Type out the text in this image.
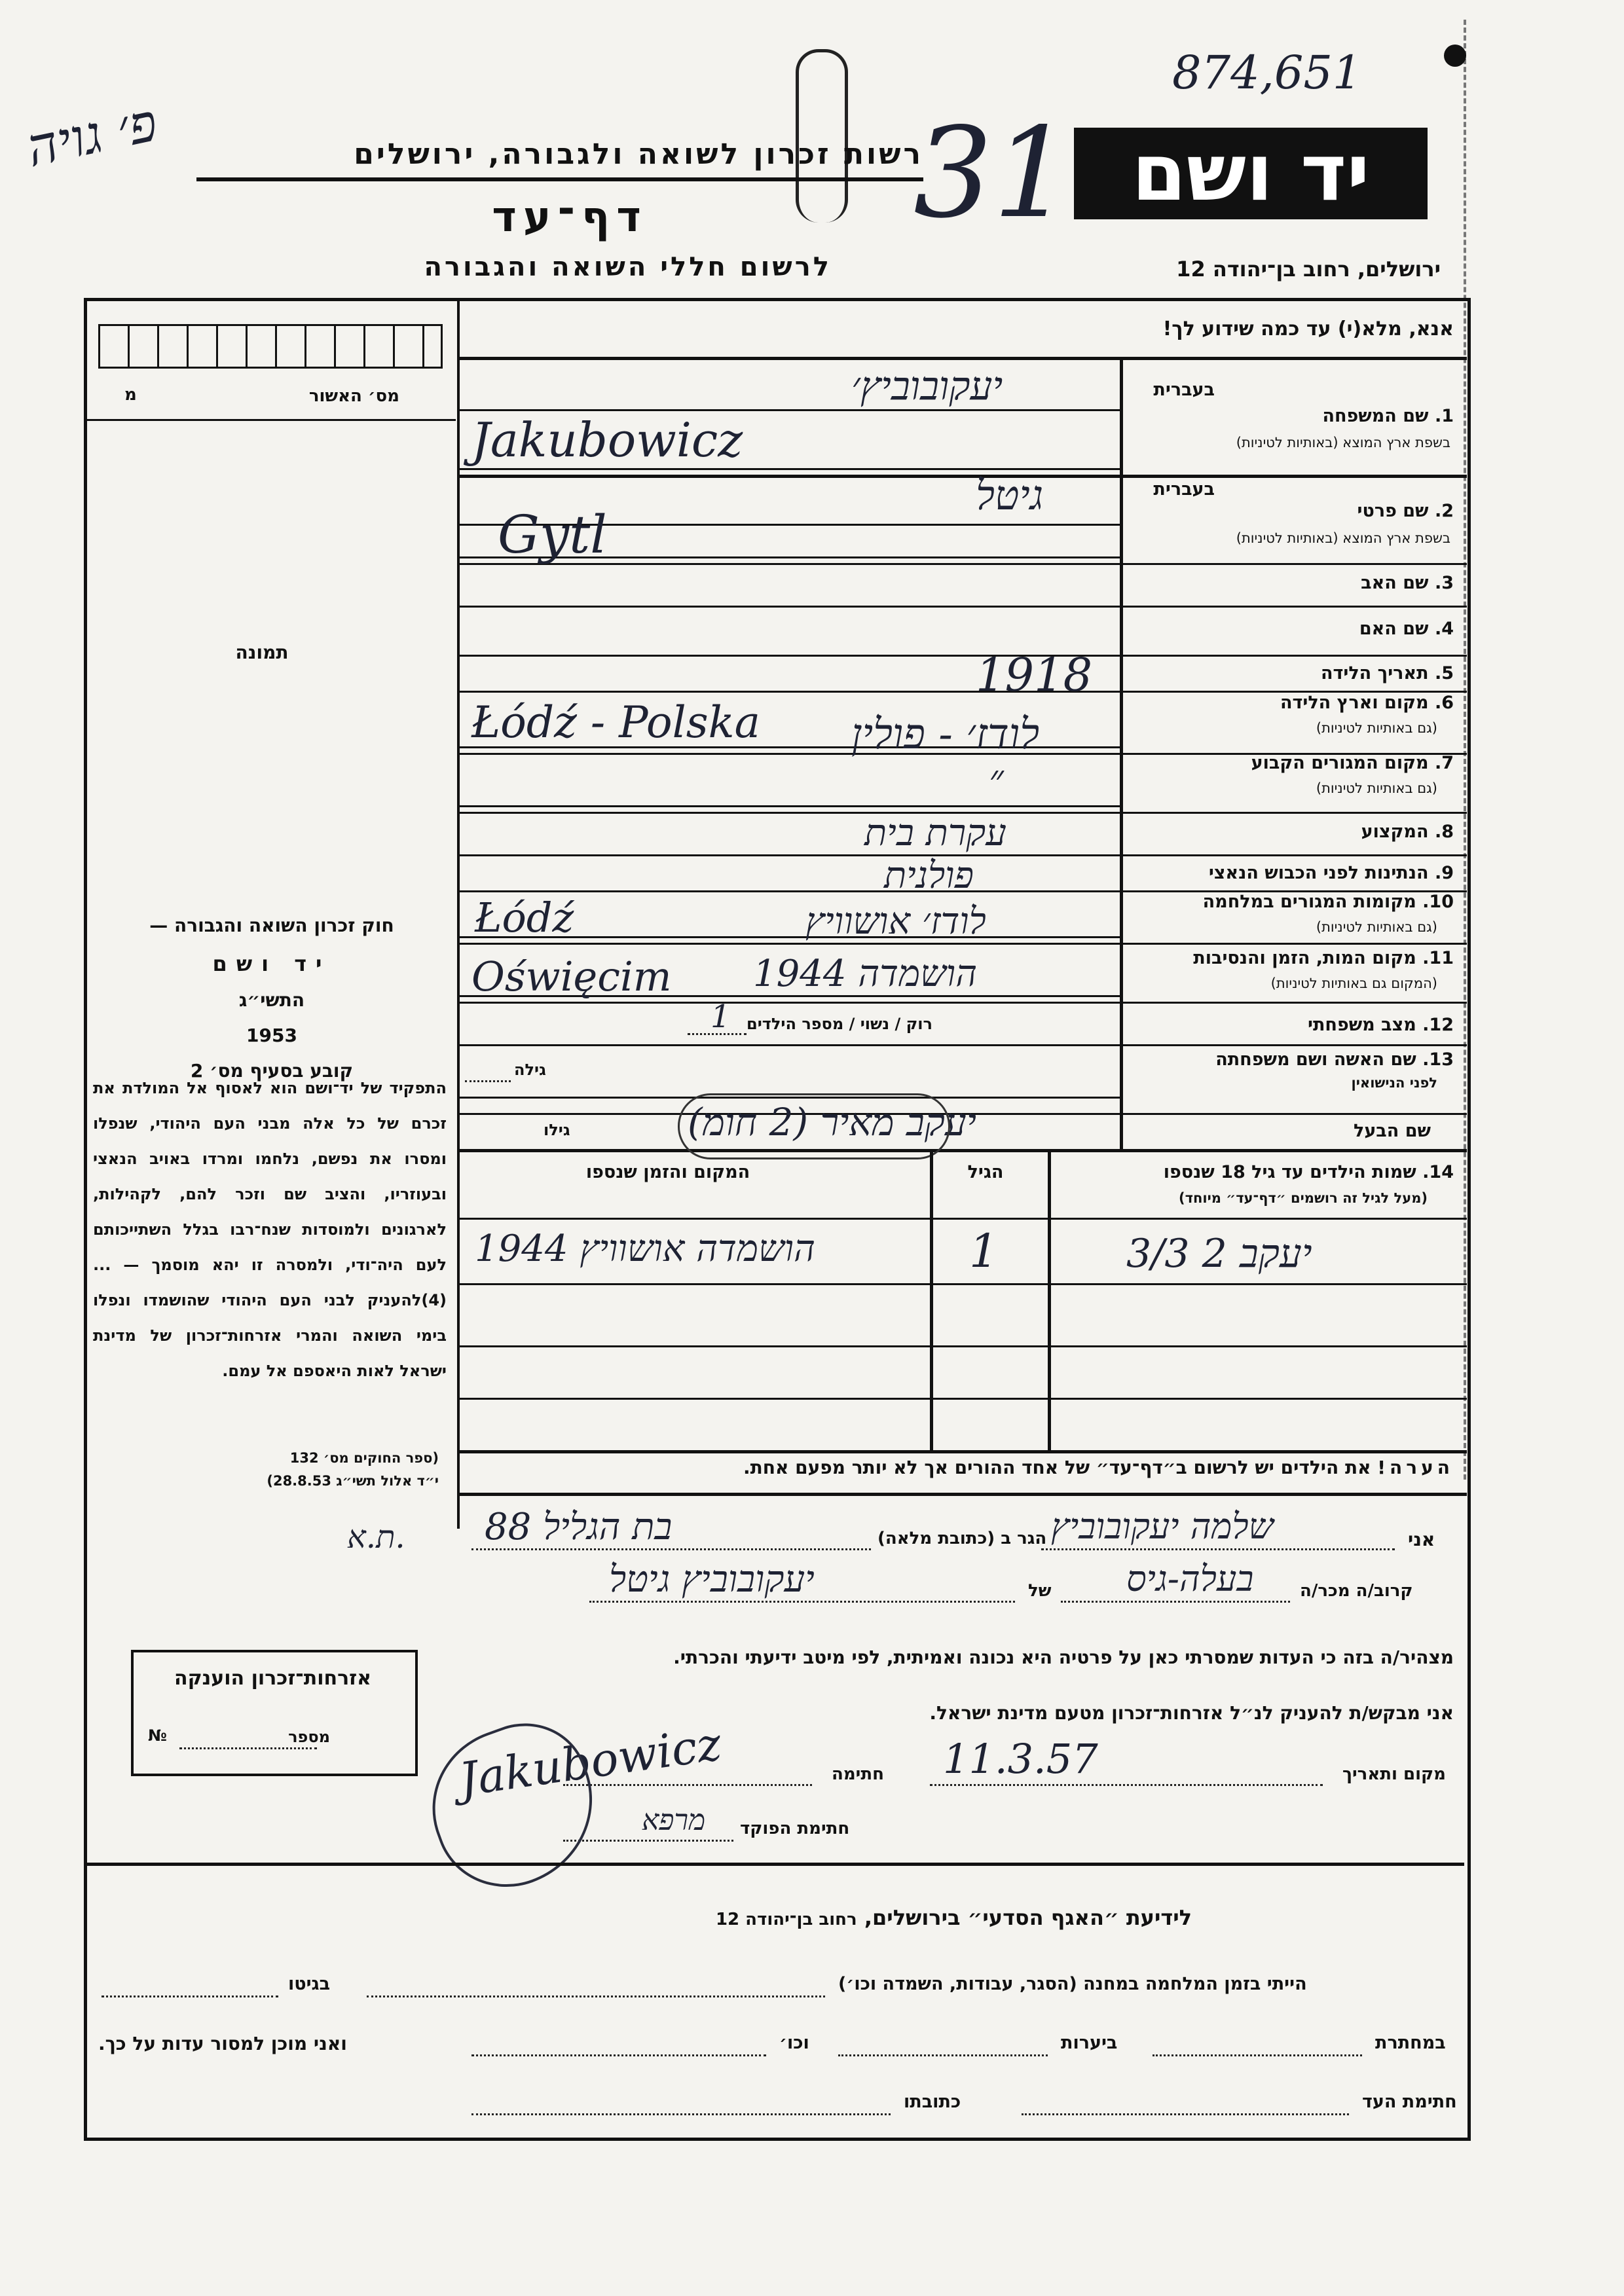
פ׳ גויה
874,651
31 יד ושם
רשות זכרון לשואה ולגבורה, ירושלים
דף־עד
לרשום חללי השואה והגבורה	ירושלים, רחוב בן־יהודה 12
מס׳ האשור
מ
תמונה
חוק זכרון השואה והגבורה —
יד ושם
התשי״ג
1953
קובע בסעיף מס׳ 2
התפקיד של יד־ושם הוא לאסוף אל המולדת את זכרם של כל אלה מבני העם היהודי, שנפלו ומסרו את נפשם, נלחמו ומרדו באויב הנאצי ובעוזריו, והציב שם וזכר להם, לקהילות, לארגונים ולמוסדות שנח־רבו בגלל השתייכותם לעם היה־ודי, ולמסרה זו יהא מוסמך — ...(4)להעניק לבני העם היהודי שהושמדו ונפלו בימי השואה והמרי אזרחות־זכרון של מדינת ישראל לאות היאספם אל עמם.
(ספר החוקים מס׳ 132
י״ד אלול תשי״ג 28.8.53)
אזרחות־זכרון הוענקה
מספר
№
אנא, מלא(י) עד כמה שידוע לך!
בעברית
1. שם המשפחה
בשפת ארץ המוצא (באותיות לטיניות)
בעברית
2. שם פרטי
בשפת ארץ המוצא (באותיות לטיניות)
3. שם האב
4. שם האם
5. תאריך הלידה
6. מקום וארץ הלידה
(גם באותיות לטיניות)
7. מקום המגורים הקבוע
(גם באותיות לטיניות)
8. המקצוע
9. הנתינות לפני הכבוש הנאצי
10. מקומות המגורים במלחמה
(גם באותיות לטיניות)
11. מקום המות, הזמן והנסיבות
(המקום גם באותיות לטיניות)
12. מצב משפחתי
13. שם האשה ושם משפחתה
לפני הנישואין
שם הבעל
יעקובוביץ׳
Jakubowicz
גיטל
Gytl
1918
Łódź - Polska לודז׳ - פולין
״
עקרת בית
פולנית
Łódź	לודז׳ אושוויץ
Oświęcim הושמדה 1944
רוק / נשוי / מספר הילדים
1
גילה
יעקב מאיר (2 חומ)
גילו
14. שמות הילדים עד גיל 18 שנספו
(מעל לגיל זה רושמים ״דף־עד״ מיוחד)
הגיל
המקום והזמן שנספו
יעקב 2 3/3
1
הושמדה אושוויץ 1944
הערה! את הילדים יש לרשום ב״דף־עד״ של אחד ההורים אך לא יותר מפעם אחת.
אני
שלמה יעקובוביץ
הגר ב (כתובת מלאה)
בת הגליל 88
ת.א.
קרוב/ה מכר/ה
בעלה-גיס
של
יעקובוביץ גיטל
מצהיר/ה בזה כי העדות שמסרתי כאן על פרטיה היא נכונה ואמיתית, לפי מיטב ידיעתי והכרתי.
אני מבקש/ת להעניק לנ״ל אזרחות־זכרון מטעם מדינת ישראל.
מקום ותאריך
11.3.57
חתימה
Jakubowicz
חתימת הפוקד
מרפא
לידיעת ״האגף הסדעי״ בירושלים, רחוב בן־יהודה 12
הייתי בזמן המלחמה במחנה (הסגר, עבודות, השמדה וכו׳)
בגיטו
במחתרת
ביערות
וכו׳
ואני מוכן למסור עדות על כך.
חתימת העד
כתובתו
